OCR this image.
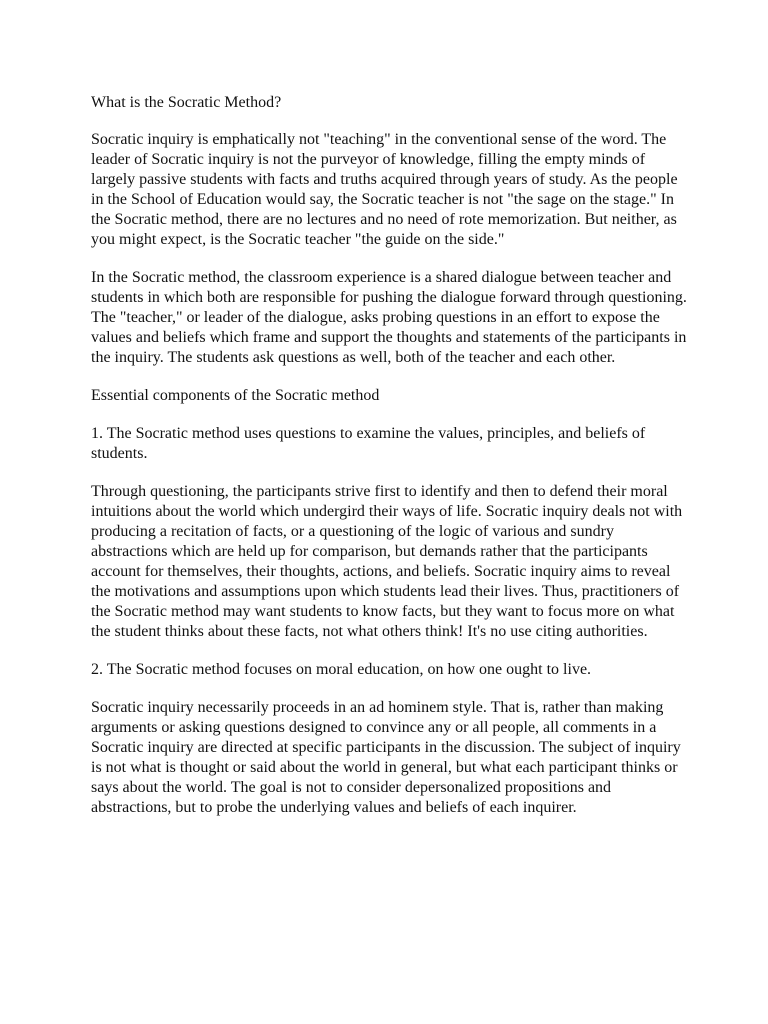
What is the Socratic Method?

Socratic inquiry is emphatically not "teaching" in the conventional sense of the word. The leader of Socratic inquiry is not the purveyor of knowledge, filling the empty minds of largely passive students with facts and truths acquired through years of study. As the people in the School of Education would say, the Socratic teacher is not "the sage on the stage." In the Socratic method, there are no lectures and no need of rote memorization. But neither, as you might expect, is the Socratic teacher "the guide on the side."

In the Socratic method, the classroom experience is a shared dialogue between teacher and students in which both are responsible for pushing the dialogue forward through questioning. The "teacher," or leader of the dialogue, asks probing questions in an effort to expose the values and beliefs which frame and support the thoughts and statements of the participants in the inquiry. The students ask questions as well, both of the teacher and each other.

Essential components of the Socratic method

1. The Socratic method uses questions to examine the values, principles, and beliefs of students.

Through questioning, the participants strive first to identify and then to defend their moral intuitions about the world which undergird their ways of life. Socratic inquiry deals not with producing a recitation of facts, or a questioning of the logic of various and sundry abstractions which are held up for comparison, but demands rather that the participants account for themselves, their thoughts, actions, and beliefs. Socratic inquiry aims to reveal the motivations and assumptions upon which students lead their lives. Thus, practitioners of the Socratic method may want students to know facts, but they want to focus more on what the student thinks about these facts, not what others think! It's no use citing authorities.

2. The Socratic method focuses on moral education, on how one ought to live.

Socratic inquiry necessarily proceeds in an ad hominem style. That is, rather than making arguments or asking questions designed to convince any or all people, all comments in a Socratic inquiry are directed at specific participants in the discussion. The subject of inquiry is not what is thought or said about the world in general, but what each participant thinks or says about the world. The goal is not to consider depersonalized propositions and abstractions, but to probe the underlying values and beliefs of each inquirer.
